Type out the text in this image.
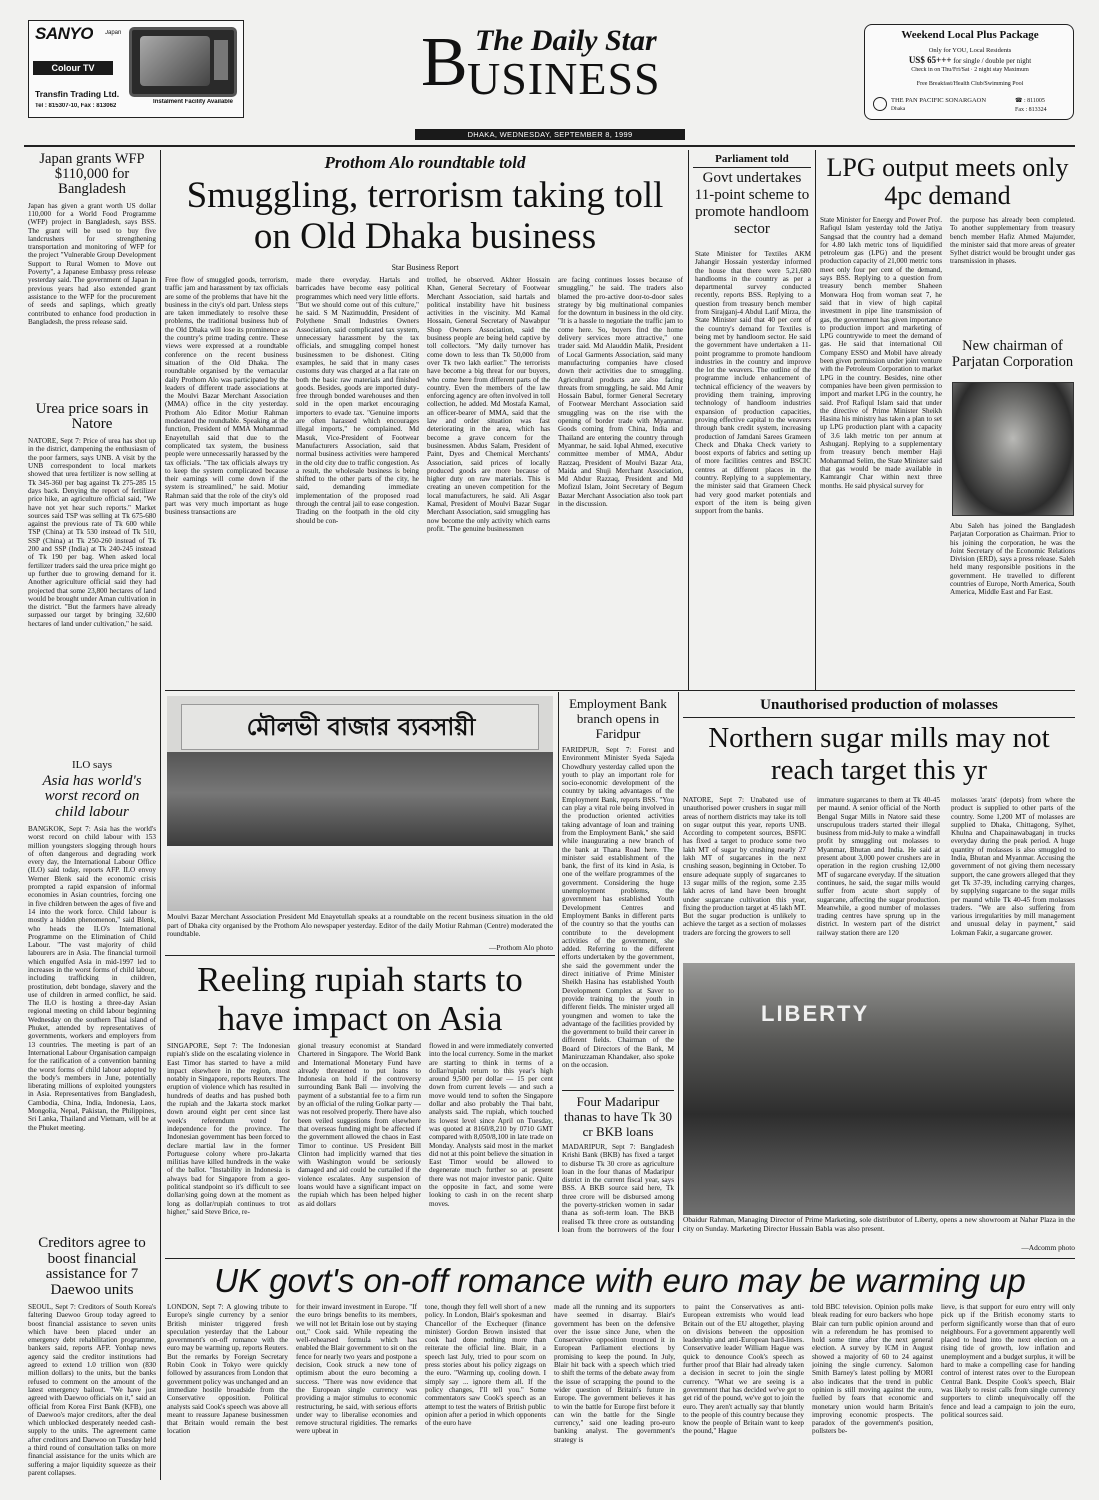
SANYO Japan
Colour TV
Transfin Trading Ltd.
Tel : 815307-10, Fax : 813062
Instalment Facility Available
B The Daily Star
USINESS
Weekend Local Plus Package
Only for YOU, Local Residents
US$ 65+++ for single / double per night
Check in on Thu/Fri/Sat · 2 night stay Maximum
Free Breakfast/Health Club/Swimming Pool
THE PAN PACIFIC SONARGAON
Dhaka
☎ : 811005
Fax : 813324
DHAKA, WEDNESDAY, SEPTEMBER 8, 1999
Japan grants WFP $110,000 for Bangladesh
Japan has given a grant worth US dollar 110,000 for a World Food Programme (WFP) project in Bangladesh, says BSS. The grant will be used to buy five landcrushers for strengthening transportation and monitoring of WFP for the project "Vulnerable Group Development Support to Rural Women to Move out Poverty", a Japanese Embassy press release yesterday said. The government of Japan in previous years had also extended grant assistance to the WFP for the procurement of seeds and saplings, which greatly contributed to enhance food production in Bangladesh, the press release said.
Urea price soars in Natore
NATORE, Sept 7: Price of urea has shot up in the district, dampening the enthusiasm of the poor farmers, says UNB. A visit by the UNB correspondent to local markets showed that urea fertilizer is now selling at Tk 345-360 per bag against Tk 275-285 15 days back. Denying the report of fertilizer price hike, an agriculture official said, "We have not yet hear such reports." Market sources said TSP was selling at Tk 675-680 against the previous rate of Tk 600 while TSP (China) at Tk 530 instead of Tk 510, SSP (China) at Tk 250-260 instead of Tk 200 and SSP (India) at Tk 240-245 instead of Tk 190 per bag. When asked local fertilizer traders said the urea price might go up further due to growing demand for it. Another agriculture official said they had projected that some 23,800 hectares of land would be brought under Aman cultivation in the district. "But the farmers have already surpassed our target by bringing 32,600 hectares of land under cultivation," he said.
ILO says
Asia has world's worst record on child labour
BANGKOK, Sept 7: Asia has the world's worst record on child labour with 153 million youngsters slogging through hours of often dangerous and degrading work every day, the International Labour Office (ILO) said today, reports AFP. ILO envoy Werner Blenk said the economic crisis prompted a rapid expansion of informal economies in Asian countries, forcing one in five children between the ages of five and 14 into the work force. Child labour is mostly a hidden phenomenon," said Blenk, who heads the ILO's International Programme on the Elimination of Child Labour. "The vast majority of child labourers are in Asia. The financial turmoil which engulfed Asia in mid-1997 led to increases in the worst forms of child labour, including trafficking in children, prostitution, debt bondage, slavery and the use of children in armed conflict, he said. The ILO is hosting a three-day Asian regional meeting on child labour beginning Wednesday on the southern Thai island of Phuket, attended by representatives of governments, workers and employers from 13 countries. The meeting is part of an International Labour Organisation campaign for the ratification of a convention banning the worst forms of child labour adopted by the body's members in June, potentially liberating millions of exploited youngsters in Asia. Representatives from Bangladesh, Cambodia, China, India, Indonesia, Laos, Mongolia, Nepal, Pakistan, the Philippines, Sri Lanka, Thailand and Vietnam, will be at the Phuket meeting.
Creditors agree to boost financial assistance for 7 Daewoo units
SEOUL, Sept 7: Creditors of South Korea's faltering Daewoo Group today agreed to boost financial assistance to seven units which have been placed under an emergency debt rehabilitation programme, bankers said, reports AFP. Yonhap news agency said the creditor institutions had agreed to extend 1.0 trillion won (830 million dollars) to the units, but the banks refused to comment on the amount of the latest emergency bailout. "We have just agreed with Daewoo officials on it," said an official from Korea First Bank (KFB), one of Daewoo's major creditors, after the deal which unblocked desperately needed cash-supply to the units. The agreement came after creditors and Daewoo on Tuesday held a third round of consultation talks on more financial assistance for the units which are suffering a major liquidity squeeze as their parent collapses.
Prothom Alo roundtable told
Smuggling, terrorism taking toll on Old Dhaka business
Star Business Report
Free flow of smuggled goods, terrorism, traffic jam and harassment by tax officials are some of the problems that have hit the business in the city's old part. Unless steps are taken immediately to resolve these problems, the traditional business hub of the Old Dhaka will lose its prominence as the country's prime trading centre. These views were expressed at a roundtable conference on the recent business situation of the Old Dhaka. The roundtable organised by the vernacular daily Prothom Alo was participated by the leaders of different trade associations at the Moulvi Bazar Merchant Association (MMA) office in the city yesterday. Prothom Alo Editor Motiur Rahman moderated the roundtable. Speaking at the function, President of MMA Mohammad Enayetullah said that due to the complicated tax system, the business people were unnecessarily harassed by the tax officials. "The tax officials always try to keep the system complicated because their earnings will come down if the system is streamlined," he said. Motiur Rahman said that the role of the city's old part was very much important as huge business transactions are
made there everyday. Hartals and barricades have become easy political programmes which need very little efforts. "But we should come out of this culture," he said. S M Nazimuddin, President of Polythene Small Industries Owners Association, said complicated tax system, unnecessary harassment by the tax officials, and smuggling compel honest businessmen to be dishonest. Citing examples, he said that in many cases customs duty was charged at a flat rate on both the basic raw materials and finished goods. Besides, goods are imported duty-free through bonded warehouses and then sold in the open market encouraging importers to evade tax. "Genuine imports are often harassed which encourages illegal imports," he complained. Md Masuk, Vice-President of Footwear Manufacturers Association, said that normal business activities were hampered in the old city due to traffic congestion. As a result, the wholesale business is being shifted to the other parts of the city, he said, demanding immediate implementation of the proposed road through the central jail to ease congestion. Trading on the footpath in the old city should be con-
trolled, he observed. Akhter Hossain Khan, General Secretary of Footwear Merchant Association, said hartals and political instability have hit business activities in the viscinity. Md Kamal Hossain, General Secretary of Nawabpur Shop Owners Association, said the business people are being held captive by toll collectors. "My daily turnover has come down to less than Tk 50,000 from over Tk two lakh earlier." The terrorists have become a big threat for our buyers, who come here from different parts of the country. Even the members of the law enforcing agency are often involved in toll collection, he added. Md Mostafa Kamal, an officer-bearer of MMA, said that the law and order situation was fast deteriorating in the area, which has become a grave concern for the businessmen. Abdus Salam, President of Paint, Dyes and Chemical Merchants' Association, said prices of locally produced goods are more because of higher duty on raw materials. This is creating an uneven competition for the local manufacturers, he said. Ali Asgar Kamal, President of Moulvi Bazar Sugar Merchant Association, said smuggling has now become the only activity which earns profit. "The genuine businessmen
are facing continues losses because of smuggling," he said. The traders also blamed the pro-active door-to-door sales strategy by big multinational companies for the downturn in business in the old city. "It is a hassle to negotiate the traffic jam to come here. So, buyers find the home delivery services more attractive," one trader said. Md Alauddin Malik, President of Local Garments Association, said many manufacturing companies have closed down their activities due to smuggling. Agricultural products are also facing threats from smuggling, he said. Md Amir Hossain Babul, former General Secretary of Footwear Merchant Association said smuggling was on the rise with the opening of border trade with Myanmar. Goods coming from China, India and Thailand are entering the country through Myanmar, he said. Iqbal Ahmed, executive committee member of MMA, Abdur Razzaq, President of Moulvi Bazar Ata, Maida and Shuji Merchant Association, Md Abdur Razzaq, President and Md Mofizul Islam, Joint Secretary of Begum Bazar Merchant Association also took part in the discussion.
Parliament told
Govt undertakes 11-point scheme to promote handloom sector
State Minister for Textiles AKM Jahangir Hossain yesterday informed the house that there were 5,21,680 handlooms in the country as per a departmental survey conducted recently, reports BSS. Replying to a question from treasury bench member from Sirajganj-4 Abdul Latif Mirza, the State Minister said that 40 per cent of the country's demand for Textiles is being met by handloom sector. He said the government have undertaken a 11-point programme to promote handloom industries in the country and improve the lot the weavers. The outline of the programme include enhancement of technical efficiency of the weavers by providing them training, improving technology of handloom industries expansion of production capacities, proving effective capital to the weavers through bank credit system, increasing production of Jamdani Sarees Grameen Check and Dhaka Check variety to boost exports of fabrics and setting up of more facilities centres and BSCIC centres at different places in the country. Replying to a supplementary, the minister said that Grameen Check had very good market potentials and export of the item is being given support from the banks.
LPG output meets only 4pc demand
State Minister for Energy and Power Prof. Rafiqul Islam yesterday told the Jatiya Sangsad that the country had a demand for 4.80 lakh metric tons of liquidified petroleum gas (LPG) and the present production capacity of 21,000 metric tons meet only four per cent of the demand, says BSS. Replying to a question from treasury bench member Shaheen Monwara Hoq from woman seat 7, he said that in view of high capital investment in pipe line transmission of gas, the government has given importance to production import and marketing of LPG countrywide to meet the demand of gas. He said that international Oil Company ESSO and Mobil have already been given permission under joint venture with the Petroleum Corporation to market LPG in the country. Besides, nine other companies have been given permission to import and market LPG in the country, he said. Prof Rafiqul Islam said that under the directive of Prime Minister Sheikh Hasina his ministry has taken a plan to set up LPG production plant with a capacity of 3.6 lakh metric ton per annum at Ashuganj. Replying to a supplementary from treasury bench member Haji Mohammad Selim, the State Minister said that gas would be made available in Kamrangir Char within next three months. He said physical survey for
the purpose has already been completed. To another supplementary from treasury bench member Hafiz Ahmed Majumder, the minister said that more areas of greater Sylhet district would be brought under gas transmission in phases.
New chairman of Parjatan Corporation
Abu Saleh has joined the Bangladesh Parjatan Corporation as Chairman. Prior to his joining the corporation, he was the Joint Secretary of the Economic Relations Division (ERD), says a press release. Saleh held many responsible positions in the government. He travelled to different countries of Europe, North America, South America, Middle East and Far East.
মৌলভী বাজার ব্যবসায়ী
Moulvi Bazar Merchant Association President Md Enayetullah speaks at a roundtable on the recent business situation in the old part of Dhaka city organised by the Prothom Alo newspaper yesterday. Editor of the daily Motiur Rahman (Centre) moderated the roundtable.
—Prothom Alo photo
Employment Bank branch opens in Faridpur
FARIDPUR, Sept 7: Forest and Environment Minister Syeda Sajeda Chowdhury yesterday called upon the youth to play an important role for socio-economic development of the country by taking advantages of the Employment Bank, reports BSS. "You can play a vital role being involved in the production oriented activities taking advantage of loan and training from the Employment Bank," she said while inaugurating a new branch of the bank at Thana Road here. The minister said establishment of the bank, the first of its kind in Asia, is one of the welfare programmes of the government. Considering the huge unemployment problems, the government has established Youth Development Centres and Employment Banks in different parts of the country so that the youths can contribute to the development activities of the government, she added. Referring to the different efforts undertaken by the government, she said the government under the direct initiative of Prime Minister Sheikh Hasina has established Youth Development Complex at Saver to provide training to the youth in different fields. The minister urged all youngmen and women to take the advantage of the facilities provided by the government to build their career in different fields. Chairman of the Board of Directors of the Bank, M Maniruzzaman Khandaker, also spoke on the occasion.
Four Madaripur thanas to have Tk 30 cr BKB loans
MADARIPUR, Sept 7: Bangladesh Krishi Bank (BKB) has fixed a target to disburse Tk 30 crore as agriculture loan in the four thanas of Madaripur district in the current fiscal year, says BSS. A BKB source said here, Tk three crore will be disbursed among the poverty-stricken women in sadar thana as soft-term loan. The BKB realised Tk three crore as outstanding loan from the borrowers of the four
Unauthorised production of molasses
Northern sugar mills may not reach target this yr
NATORE, Sept 7: Unabated use of unauthorised power crushers in sugar mill areas of northern districts may take its toll on sugar output this year, reports UNB. According to competent sources, BSFIC has fixed a target to produce some two lakh MT of sugar by crushing nearly 27 lakh MT of sugarcanes in the next crushing season, beginning in October. To ensure adequate supply of sugarcanes to 13 sugar mills of the region, some 2.35 lakh acres of land have been brought under sugarcane cultivation this year, fixing the production target at 45 lakh MT. But the sugar production is unlikely to achieve the target as a section of molasses traders are forcing the growers to sell
immature sugarcanes to them at Tk 40-45 per maund. A senior official of the North Bengal Sugar Mills in Natore said these unscrupulous traders started their illegal business from mid-July to make a windfall profit by smuggling out molasses to Myanmar, Bhutan and India. He said at present about 3,000 power crushers are in operation in the region crushing 12,000 MT of sugarcane everyday. If the situation continues, he said, the sugar mills would suffer from acute short supply of sugarcane, affecting the sugar production. Meanwhile, a good number of molasses trading centres have sprung up in the district. In western part of the district railway station there are 120
molasses 'arats' (depots) from where the product is supplied to other parts of the country. Some 1,200 MT of molasses are supplied to Dhaka, Chittagong, Sylhet, Khulna and Chapainawabaganj in trucks everyday during the peak period. A huge quantity of molasses is also smuggled to India, Bhutan and Myanmar. Accusing the government of not giving them necessary support, the cane growers alleged that they get Tk 37-39, including carrying charges, by supplying sugarcane to the sugar mills per maund while Tk 40-45 from molasses traders. "We are also suffering from various irregularities by mill management and unusual delay in payment," said Lokman Fakir, a sugarcane grower.
LIBERTY
Obaidur Rahman, Managing Director of Prime Marketing, sole distributor of Liberty, opens a new showroom at Nahar Plaza in the city on Sunday. Marketing Director Hussain Babla was also present.
—Adcomm photo
Reeling rupiah starts to have impact on Asia
SINGAPORE, Sept 7: The Indonesian rupiah's slide on the escalating violence in East Timor has started to have a mild impact elsewhere in the region, most notably in Singapore, reports Reuters. The eruption of violence which has resulted in hundreds of deaths and has pushed both the rupiah and the Jakarta stock market down around eight per cent since last week's referendum voted for independence for the province. The Indonesian government has been forced to declare martial law in the former Portuguese colony where pro-Jakarta militias have killed hundreds in the wake of the ballot. "Instability in Indonesia is always bad for Singapore from a geo-political standpoint so it's difficult to see dollar/sing going down at the moment as long as dollar/rupiah continues to trot higher," said Steve Brice, re-
gional treasury economist at Standard Chartered in Singapore. The World Bank and International Monetary Fund have already threatened to put loans to Indonesia on hold if the controversy surrounding Bank Bali — involving the payment of a substantial fee to a firm run by an official of the ruling Golkar party — was not resolved properly. There have also been veiled suggestions from elsewhere that overseas funding might be affected if the government allowed the chaos in East Timor to continue. US President Bill Clinton had implicitly warned that ties with Washington would be seriously damaged and aid could be curtailed if the violence escalates. Any suspension of loans would have a significant impact on the rupiah which has been helped higher as aid dollars
flowed in and were immediately converted into the local currency. Some in the market are starting to think in terms of a dollar/rupiah return to this year's high around 9,500 per dollar — 15 per cent down from current levels — and such a move would tend to soften the Singapore dollar and also probably the Thai baht, analysts said. The rupiah, which touched its lowest level since April on Tuesday, was quoted at 8160/8,210 by 0710 GMT compared with 8,050/8,100 in late trade on Monday. Analysts said most in the market did not at this point believe the situation in East Timor would be allowed to degenerate much further so at present there was not major investor panic. Quite the opposite in fact, and some were looking to cash in on the recent sharp moves.
UK govt's on-off romance with euro may be warming up
LONDON, Sept 7: A glowing tribute to Europe's single currency by a senior British minister triggered fresh speculation yesterday that the Labour government's on-off romance with the euro may be warming up, reports Reuters. But the remarks by Foreign Secretary Robin Cook in Tokyo were quickly followed by assurances from London that government policy was unchanged and an immediate hostile broadside from the Conservative opposition. Political analysts said Cook's speech was above all meant to reassure Japanese businessmen that Britain would remain the best location
for their inward investment in Europe. "If the euro brings benefits to its members, we will not let Britain lose out by staying out," Cook said. While repeating the well-rehearsed formula which has enabled the Blair government to sit on the fence for nearly two years and postpone a decision, Cook struck a new tone of optimism about the euro becoming a success. "There was now evidence that the European single currency was providing a major stimulus to economic restructuring, he said, with serious efforts under way to liberalise economies and remove structural rigidities. The remarks were upbeat in
tone, though they fell well short of a new policy. In London, Blair's spokesman and Chancellor of the Exchequer (finance minister) Gordon Brown insisted that cook had done nothing more than reiterate the official line. Blair, in a speech last July, tried to pour scorn on press stories about his policy zigzags on the euro. "Warming up, cooling down. I simply say ... ignore them all. If the policy changes, I'll tell you." Some commentators saw Cook's speech as an attempt to test the waters of British public opinion after a period in which opponents of the euro have
made all the running and its supporters have seemed in disarray. Blair's government has been on the defensive over the issue since June, when the Conservative opposition trounced it in European Parliament elections by promising to keep the pound. In July, Blair hit back with a speech which tried to shift the terms of the debate away from the issue of scrapping the pound to the wider question of Britain's future in Europe. The government believes it has to win the battle for Europe first before it can win the battle for the Single currency," said one leading pro-euro banking analyst. The government's strategy is
to paint the Conservatives as anti-European extremists who would lead Britain out of the EU altogether, playing on divisions between the opposition leadership and anti-European hard-liners. Conservative leader William Hague was quick to denounce Cook's speech as further proof that Blair had already taken a decision in secret to join the single currency. "What we are seeing is a government that has decided we've got to get rid of the pound, we've got to join the euro. They aren't actually say that bluntly to the people of this country because they know the people of Britain want to keep the pound," Hague
told BBC television. Opinion polls make bleak reading for euro backers who hope Blair can turn public opinion around and win a referendum he has promised to hold some time after the next general election. A survey by ICM in August showed a majority of 60 to 24 against joining the single currency. Salomon Smith Barney's latest polling by MORI also indicates that the trend in public opinion is still moving against the euro, fuelled by fears that economic and monetary union would harm Britain's improving economic prospects. The paradox of the government's position, pollsters be-
lieve, is that support for euro entry will only pick up if the British economy starts to perform significantly worse than that of euro neighbours. For a government apparently well placed to head into the next election on a rising tide of growth, low inflation and unemployment and a budget surplus, it will be hard to make a compelling case for handing control of interest rates over to the European Central Bank. Despite Cook's speech, Blair was likely to resist calls from single currency supporters to climb unequivocally off the fence and lead a campaign to join the euro, political sources said.
